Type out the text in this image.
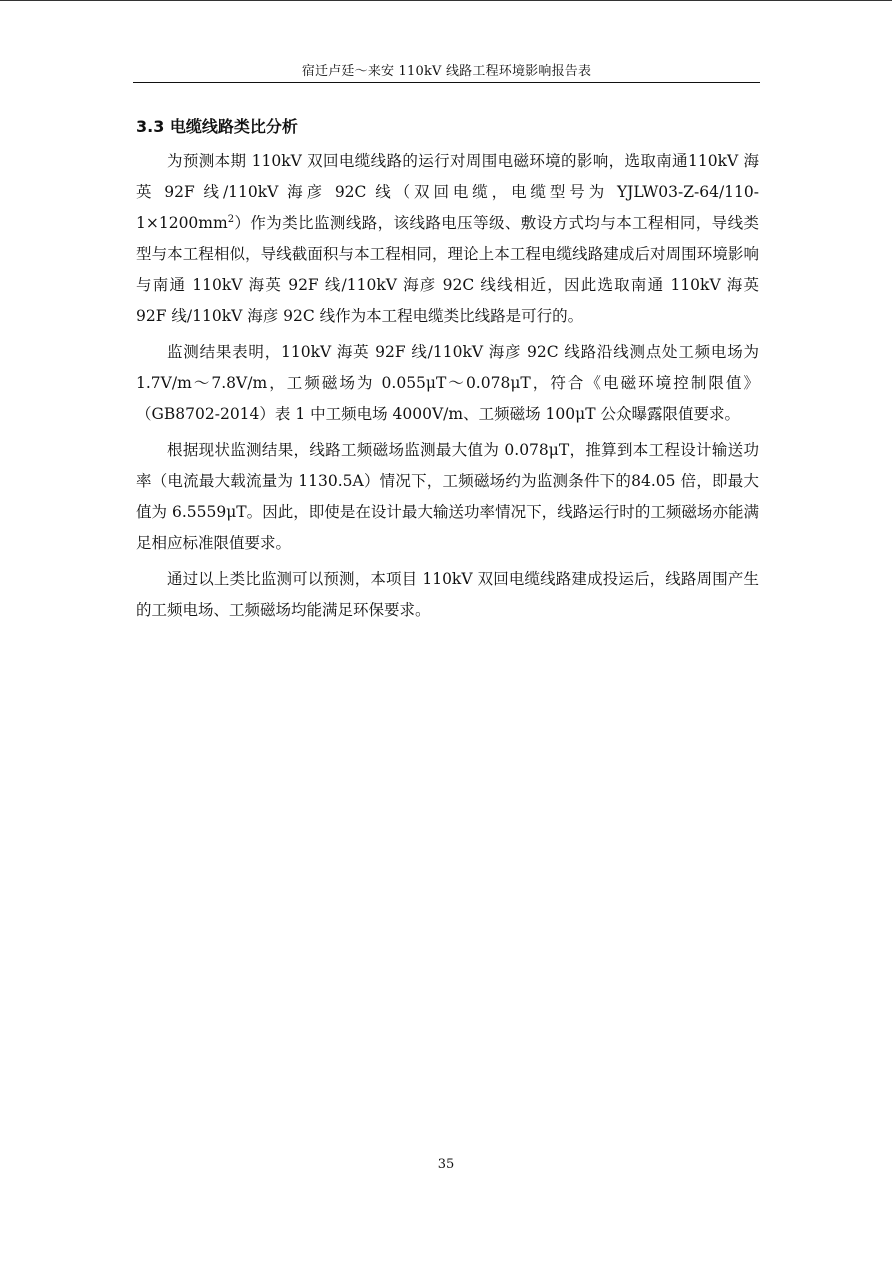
宿迁卢廷～来安 110kV 线路工程环境影响报告表
3.3 电缆线路类比分析

为预测本期 110kV 双回电缆线路的运行对周围电磁环境的影响，选取南通110kV 海英 92F 线/110kV 海彦 92C 线（双回电缆，电缆型号为 $YJLW03-Z-64/110-1\times 1200mm^2$）作为类比监测线路，该线路电压等级、敷设方式均与本工程相同，导线类型与本工程相似，导线截面积与本工程相同，理论上本工程电缆线路建成后对周围环境影响与南通 110kV 海英 92F 线/110kV 海彦 92C 线线相近，因此选取南通 110kV 海英 92F 线/110kV 海彦 92C 线作为本工程电缆类比线路是可行的。

监测结果表明，110kV 海英 92F 线/110kV 海彦 92C 线路沿线测点处工频电场为 1.7V/m～7.8V/m，工频磁场为 0.055μT～0.078μT，符合《电磁环境控制限值》（GB8702-2014）表 1 中工频电场 4000V/m、工频磁场 100μT 公众曝露限值要求。

根据现状监测结果，线路工频磁场监测最大值为 0.078μT，推算到本工程设计输送功率（电流最大载流量为 1130.5A）情况下，工频磁场约为监测条件下的84.05 倍，即最大值为 6.5559μT。因此，即使是在设计最大输送功率情况下，线路运行时的工频磁场亦能满足相应标准限值要求。

通过以上类比监测可以预测，本项目 110kV 双回电缆线路建成投运后，线路周围产生的工频电场、工频磁场均能满足环保要求。

35
